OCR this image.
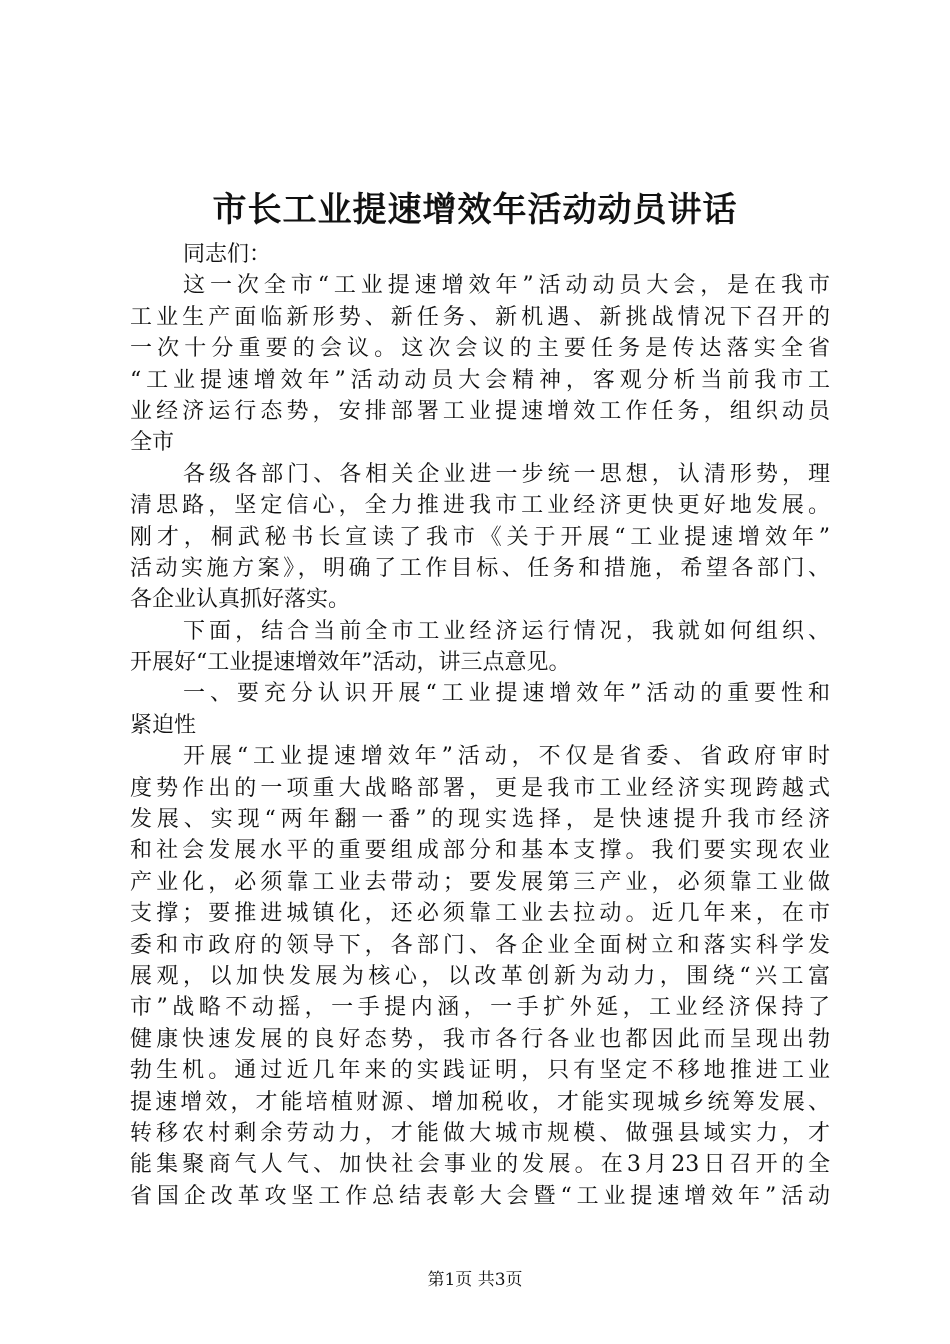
市长工业提速增效年活动动员讲话
同志们：
这一次全市“工业提速增效年”活动动员大会，是在我市
工业生产面临新形势、新任务、新机遇、新挑战情况下召开的
一次十分重要的会议。这次会议的主要任务是传达落实全省
“工业提速增效年”活动动员大会精神，客观分析当前我市工
业经济运行态势，安排部署工业提速增效工作任务，组织动员
全市
各级各部门、各相关企业进一步统一思想，认清形势，理
清思路，坚定信心，全力推进我市工业经济更快更好地发展。
刚才，桐武秘书长宣读了我市《关于开展“工业提速增效年”
活动实施方案》，明确了工作目标、任务和措施，希望各部门、
各企业认真抓好落实。
下面，结合当前全市工业经济运行情况，我就如何组织、
开展好“工业提速增效年”活动，讲三点意见。
一、要充分认识开展“工业提速增效年”活动的重要性和
紧迫性
开展“工业提速增效年”活动，不仅是省委、省政府审时
度势作出的一项重大战略部署，更是我市工业经济实现跨越式
发展、实现“两年翻一番”的现实选择，是快速提升我市经济
和社会发展水平的重要组成部分和基本支撑。我们要实现农业
产业化，必须靠工业去带动；要发展第三产业，必须靠工业做
支撑；要推进城镇化，还必须靠工业去拉动。近几年来，在市
委和市政府的领导下，各部门、各企业全面树立和落实科学发
展观，以加快发展为核心，以改革创新为动力，围绕“兴工富
市”战略不动摇，一手提内涵，一手扩外延，工业经济保持了
健康快速发展的良好态势，我市各行各业也都因此而呈现出勃
勃生机。通过近几年来的实践证明，只有坚定不移地推进工业
提速增效，才能培植财源、增加税收，才能实现城乡统筹发展、
转移农村剩余劳动力，才能做大城市规模、做强县域实力，才
能集聚商气人气、加快社会事业的发展。在3月23日召开的全
省国企改革攻坚工作总结表彰大会暨“工业提速增效年”活动
第1页 共3页
